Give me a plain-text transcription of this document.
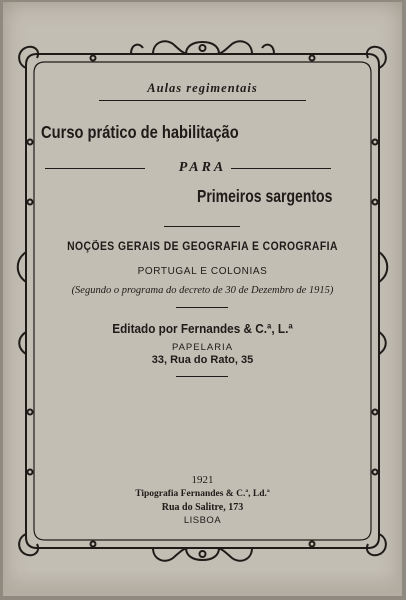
Aulas regimentais
Curso prático de habilitação
PARA
Primeiros sargentos
NOÇÕES GERAIS DE GEOGRAFIA E COROGRAFIA
PORTUGAL E COLONIAS
(Segundo o programa do decreto de 30 de Dezembro de 1915)
Editado por Fernandes & C.ª, L.ª
PAPELARIA
33, Rua do Rato, 35
1921
Tipografia Fernandes & C.ª, Ld.ª
Rua do Salitre, 173
LISBOA
